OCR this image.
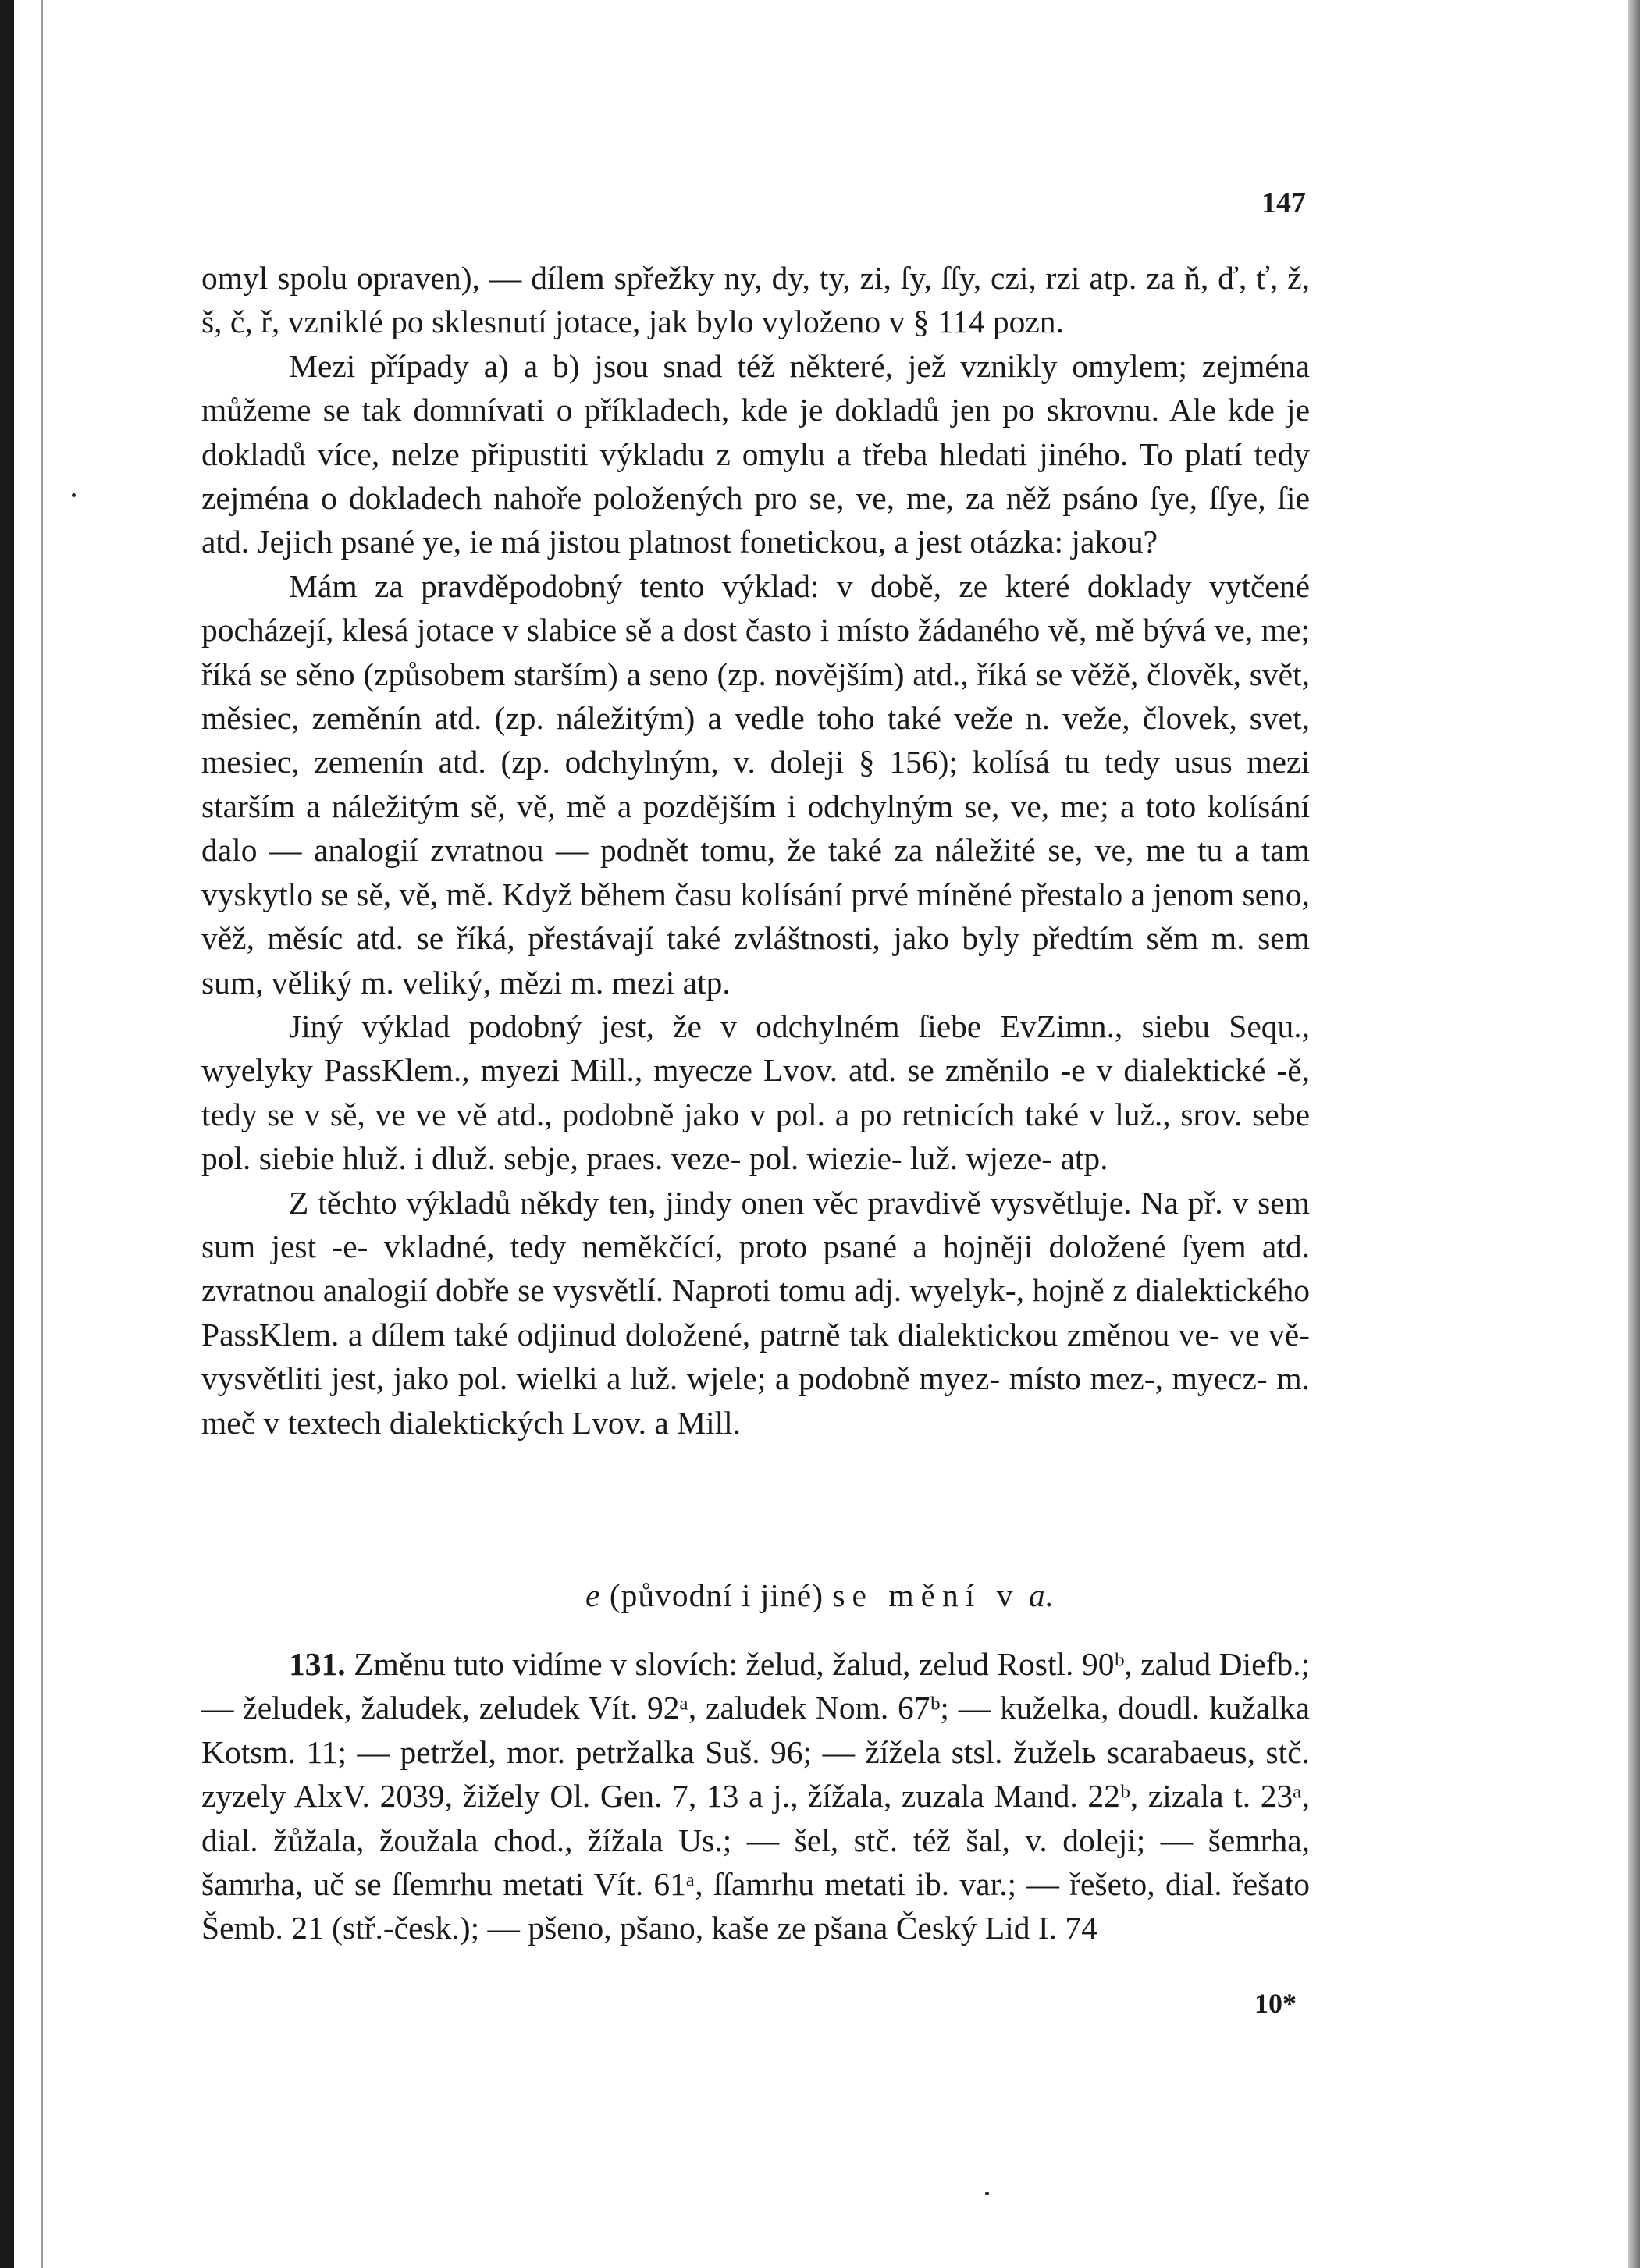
147

omyl spolu opraven), — dílem spřežky ny, dy, ty, zi, ſy, ſſy, czi, rzi atp. za ň, ď, ť, ž, š, č, ř, vzniklé po sklesnutí jotace, jak bylo vyloženo v § 114 pozn.

Mezi případy a) a b) jsou snad též některé, jež vznikly omylem; zejména můžeme se tak domnívati o příkladech, kde je dokladů jen po skrovnu. Ale kde je dokladů více, nelze připustiti výkladu z omylu a třeba hledati jiného. To platí tedy zejména o dokladech nahoře položených pro se, ve, me, za něž psáno ſye, ſſye, ſie atd. Jejich psané ye, ie má jistou platnost fonetickou, a jest otázka: jakou?

Mám za pravděpodobný tento výklad: v době, ze které doklady vytčené pocházejí, klesá jotace v slabice sě a dost často i místo žádaného vě, mě bývá ve, me; říká se sěno (způsobem starším) a seno (zp. novějším) atd., říká se věžě, člověk, svět, měsiec, zeměnín atd. (zp. náležitým) a vedle toho také veže n. veže, človek, svet, mesiec, zemenín atd. (zp. odchylným, v. doleji § 156); kolísá tu tedy usus mezi starším a náležitým sě, vě, mě a pozdějším i odchylným se, ve, me; a toto kolísání dalo — analogií zvratnou — podnět tomu, že také za náležité se, ve, me tu a tam vyskytlo se sě, vě, mě. Když během času kolísání prvé míněné přestalo a jenom seno, věž, měsíc atd. se říká, přestávají také zvláštnosti, jako byly předtím sěm m. sem sum, věliký m. veliký, mězi m. mezi atp.

Jiný výklad podobný jest, že v odchylném ſiebe EvZimn., siebu Sequ., wyelyky PassKlem., myezi Mill., myecze Lvov. atd. se změnilo -e v dialektické -ě, tedy se v sě, ve ve vě atd., podobně jako v pol. a po retnicích také v luž., srov. sebe pol. siebie hluž. i dluž. sebje, praes. veze- pol. wiezie- luž. wjeze- atp.

Z těchto výkladů někdy ten, jindy onen věc pravdivě vysvětluje. Na př. v sem sum jest -e- vkladné, tedy neměkčící, proto psané a hojněji doložené ſyem atd. zvratnou analogií dobře se vysvětlí. Naproti tomu adj. wyelyk-, hojně z dialektického PassKlem. a dílem také odjinud doložené, patrně tak dialektickou změnou ve- ve vě- vysvětliti jest, jako pol. wielki a luž. wjele; a podobně myez- místo mez-, myecz- m. meč v textech dialektických Lvov. a Mill.

e (původní i jiné) se mění v a.

131. Změnu tuto vidíme v slovích: želud, žalud, zelud Rostl. 90ᵇ, zalud Diefb.; — želudek, žaludek, zeludek Vít. 92ᵃ, zaludek Nom. 67ᵇ; — kuželka, doudl. kužalka Kotsm. 11; — petržel, mor. petržalka Suš. 96; — žížela stsl. žuželь scarabaeus, stč. zyzely AlxV. 2039, žižely Ol. Gen. 7, 13 a j., žížala, zuzala Mand. 22ᵇ, zizala t. 23ᵃ, dial. žůžala, žoužala chod., žížala Us.; — šel, stč. též šal, v. doleji; — šemrha, šamrha, uč se ſſemrhu metati Vít. 61ᵃ, ſſamrhu metati ib. var.; — řešeto, dial. řešato Šemb. 21 (stř.-česk.); — pšeno, pšano, kaše ze pšana Český Lid I. 74

10*
